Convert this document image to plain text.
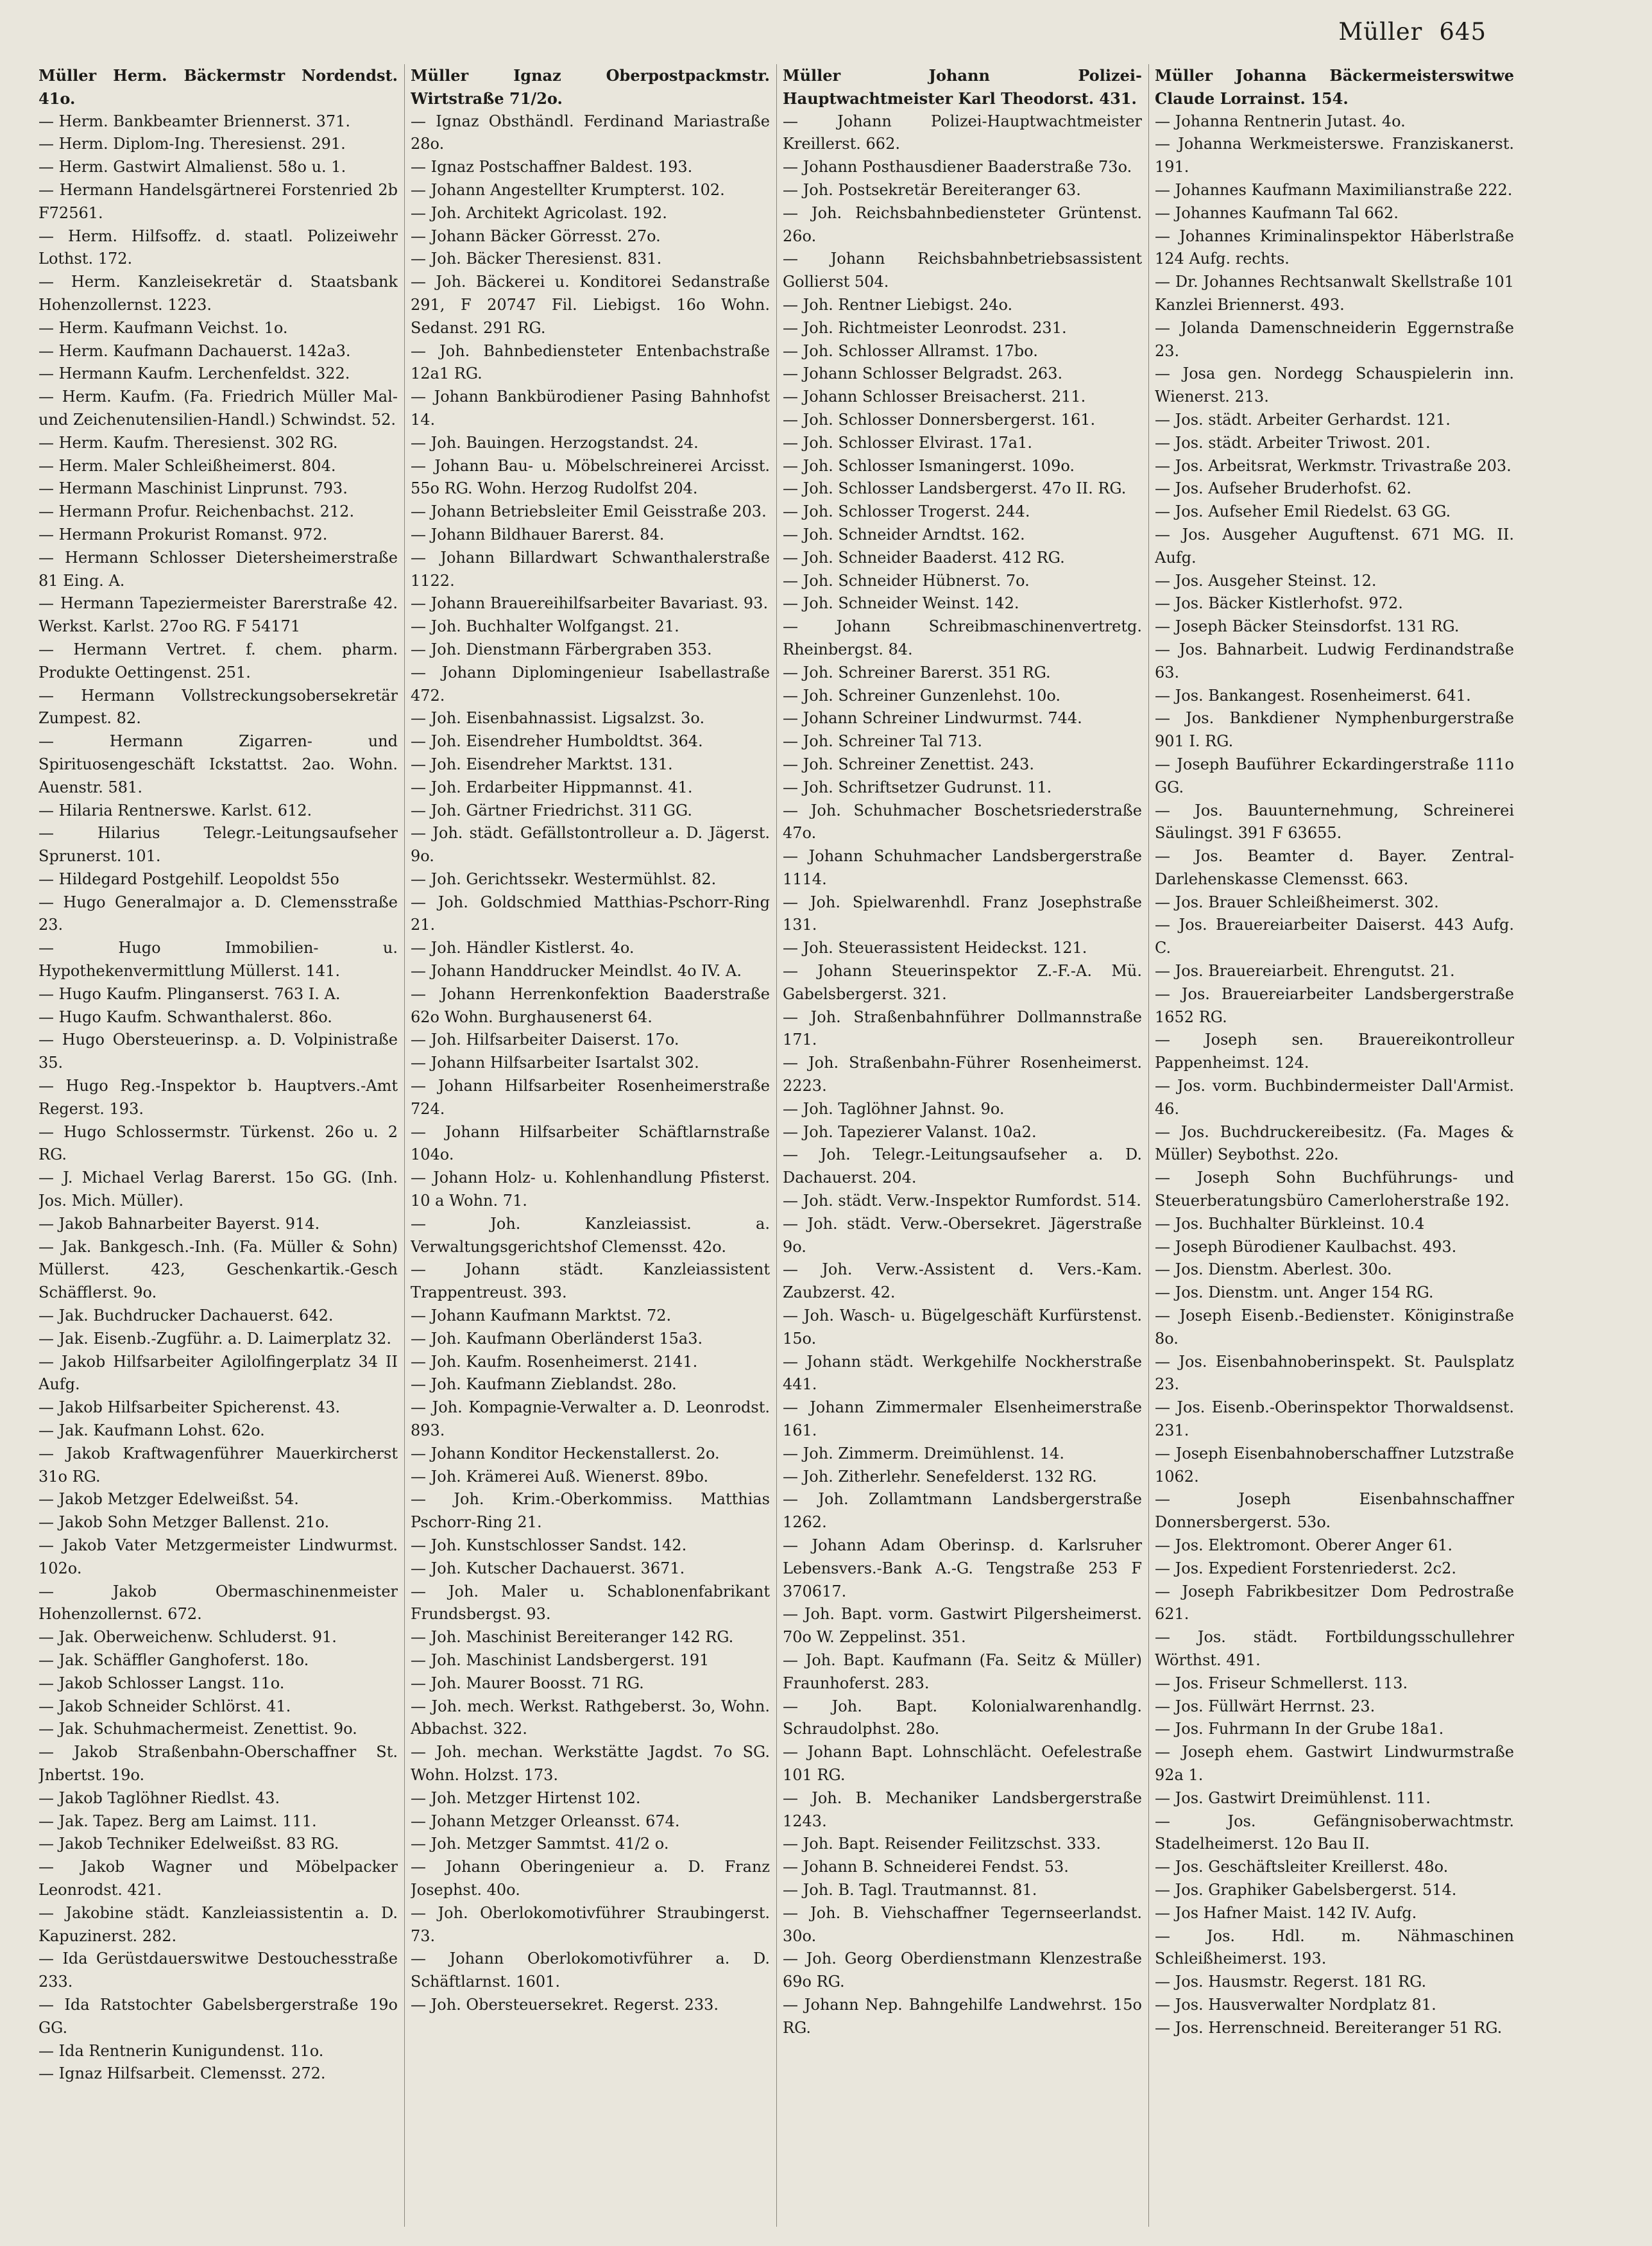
Müller 645

Müller Herm. Bäckermstr Nordendst. 41o.

— Herm. Bankbeamter Briennerst. 371.

— Herm. Diplom-Ing. Theresienst. 291.

— Herm. Gastwirt Almalienst. 58o u. 1.

— Hermann Handelsgärtnerei Forstenried 2b F72561.

— Herm. Hilfsoffz. d. staatl. Polizeiwehr Lothst. 172.

— Herm. Kanzleisekretär d. Staatsbank Hohenzollernst. 1223.

— Herm. Kaufmann Veichst. 1o.

— Herm. Kaufmann Dachauerst. 142a3.

— Hermann Kaufm. Lerchenfeldst. 322.

— Herm. Kaufm. (Fa. Friedrich Müller Mal- und Zeichenutensilien-Handl.) Schwindst. 52.

— Herm. Kaufm. Theresienst. 302 RG.

— Herm. Maler Schleißheimerst. 804.

— Hermann Maschinist Linprunst. 793.

— Hermann Profur. Reichenbachst. 212.

— Hermann Prokurist Romanst. 972.

— Hermann Schlosser Dietersheimerstraße 81 Eing. A.

— Hermann Tapeziermeister Barerstraße 42. Werkst. Karlst. 27oo RG. F 54171

— Hermann Vertret. f. chem. pharm. Produkte Oettingenst. 251.

— Hermann Vollstreckungsobersekretär Zumpest. 82.

— Hermann Zigarren- und Spirituosengeschäft Ickstattst. 2ao. Wohn. Auenstr. 581.

— Hilaria Rentnerswe. Karlst. 612.

— Hilarius Telegr.-Leitungsaufseher Sprunerst. 101.

— Hildegard Postgehilf. Leopoldst 55o

— Hugo Generalmajor a. D. Clemensstraße 23.

— Hugo Immobilien- u. Hypothekenvermittlung Müllerst. 141.

— Hugo Kaufm. Plinganserst. 763 I. A.

— Hugo Kaufm. Schwanthalerst. 86o.

— Hugo Obersteuerinsp. a. D. Volpinistraße 35.

— Hugo Reg.-Inspektor b. Hauptvers.-Amt Regerst. 193.

— Hugo Schlossermstr. Türkenst. 26o u. 2 RG.

— J. Michael Verlag Barerst. 15o GG. (Inh. Jos. Mich. Müller).

— Jakob Bahnarbeiter Bayerst. 914.

— Jak. Bankgesch.-Inh. (Fa. Müller & Sohn) Müllerst. 423, Geschenkartik.-Gesch Schäfflerst. 9o.

— Jak. Buchdrucker Dachauerst. 642.

— Jak. Eisenb.-Zugführ. a. D. Laimerplatz 32.

— Jakob Hilfsarbeiter Agilolfingerplatz 34 II Aufg.

— Jakob Hilfsarbeiter Spicherenst. 43.

— Jak. Kaufmann Lohst. 62o.

— Jakob Kraftwagenführer Mauerkircherst 31o RG.

— Jakob Metzger Edelweißst. 54.

— Jakob Sohn Metzger Ballenst. 21o.

— Jakob Vater Metzgermeister Lindwurmst. 102o.

— Jakob Obermaschinenmeister Hohenzollernst. 672.

— Jak. Oberweichenw. Schluderst. 91.

— Jak. Schäffler Ganghoferst. 18o.

— Jakob Schlosser Langst. 11o.

— Jakob Schneider Schlörst. 41.

— Jak. Schuhmachermeist. Zenettist. 9o.

— Jakob Straßenbahn-Oberschaffner St. Jnbertst. 19o.

— Jakob Taglöhner Riedlst. 43.

— Jak. Tapez. Berg am Laimst. 111.

— Jakob Techniker Edelweißst. 83 RG.

— Jakob Wagner und Möbelpacker Leonrodst. 421.

— Jakobine städt. Kanzleiassistentin a. D. Kapuzinerst. 282.

— Ida Gerüstdauerswitwe Destouchesstraße 233.

— Ida Ratstochter Gabelsbergerstraße 19o GG.

— Ida Rentnerin Kunigundenst. 11o.

— Ignaz Hilfsarbeit. Clemensst. 272.

Müller Ignaz Oberpostpackmstr. Wirtstraße 71/2o.

— Ignaz Obsthändl. Ferdinand Mariastraße 28o.

— Ignaz Postschaffner Baldest. 193.

— Johann Angestellter Krumpterst. 102.

— Joh. Architekt Agricolast. 192.

— Johann Bäcker Görresst. 27o.

— Joh. Bäcker Theresienst. 831.

— Joh. Bäckerei u. Konditorei Sedanstraße 291, F 20747 Fil. Liebigst. 16o Wohn. Sedanst. 291 RG.

— Joh. Bahnbediensteter Entenbachstraße 12a1 RG.

— Johann Bankbürodiener Pasing Bahnhofst 14.

— Joh. Bauingen. Herzogstandst. 24.

— Johann Bau- u. Möbelschreinerei Arcisst. 55o RG. Wohn. Herzog Rudolfst 204.

— Johann Betriebsleiter Emil Geisstraße 203.

— Johann Bildhauer Barerst. 84.

— Johann Billardwart Schwanthalerstraße 1122.

— Johann Brauereihilfsarbeiter Bavariast. 93.

— Joh. Buchhalter Wolfgangst. 21.

— Joh. Dienstmann Färbergraben 353.

— Johann Diplomingenieur Isabellastraße 472.

— Joh. Eisenbahnassist. Ligsalzst. 3o.

— Joh. Eisendreher Humboldtst. 364.

— Joh. Eisendreher Marktst. 131.

— Joh. Erdarbeiter Hippmannst. 41.

— Joh. Gärtner Friedrichst. 311 GG.

— Joh. städt. Gefällstontrolleur a. D. Jägerst. 9o.

— Joh. Gerichtssekr. Westermühlst. 82.

— Joh. Goldschmied Matthias-Pschorr-Ring 21.

— Joh. Händler Kistlerst. 4o.

— Johann Handdrucker Meindlst. 4o IV. A.

— Johann Herrenkonfektion Baaderstraße 62o Wohn. Burghausenerst 64.

— Joh. Hilfsarbeiter Daiserst. 17o.

— Johann Hilfsarbeiter Isartalst 302.

— Johann Hilfsarbeiter Rosenheimerstraße 724.

— Johann Hilfsarbeiter Schäftlarnstraße 104o.

— Johann Holz- u. Kohlenhandlung Pfisterst. 10 a Wohn. 71.

— Joh. Kanzleiassist. a. Verwaltungsgerichtshof Clemensst. 42o.

— Johann städt. Kanzleiassistent Trappentreust. 393.

— Johann Kaufmann Marktst. 72.

— Joh. Kaufmann Oberländerst 15a3.

— Joh. Kaufm. Rosenheimerst. 2141.

— Joh. Kaufmann Zieblandst. 28o.

— Joh. Kompagnie-Verwalter a. D. Leonrodst. 893.

— Johann Konditor Heckenstallerst. 2o.

— Joh. Krämerei Auß. Wienerst. 89bo.

— Joh. Krim.-Oberkommiss. Matthias Pschorr-Ring 21.

— Joh. Kunstschlosser Sandst. 142.

— Joh. Kutscher Dachauerst. 3671.

— Joh. Maler u. Schablonenfabrikant Frundsbergst. 93.

— Joh. Maschinist Bereiteranger 142 RG.

— Joh. Maschinist Landsbergerst. 191

— Joh. Maurer Boosst. 71 RG.

— Joh. mech. Werkst. Rathgeberst. 3o, Wohn. Abbachst. 322.

— Joh. mechan. Werkstätte Jagdst. 7o SG. Wohn. Holzst. 173.

— Joh. Metzger Hirtenst 102.

— Johann Metzger Orleansst. 674.

— Joh. Metzger Sammtst. 41/2 o.

— Johann Oberingenieur a. D. Franz Josephst. 40o.

— Joh. Oberlokomotivführer Straubingerst. 73.

— Johann Oberlokomotivführer a. D. Schäftlarnst. 1601.

— Joh. Obersteuersekret. Regerst. 233.

Müller Johann Polizei-Hauptwachtmeister Karl Theodorst. 431.

— Johann Polizei-Hauptwachtmeister Kreillerst. 662.

— Johann Posthausdiener Baaderstraße 73o.

— Joh. Postsekretär Bereiteranger 63.

— Joh. Reichsbahnbediensteter Grüntenst. 26o.

— Johann Reichsbahnbetriebsassistent Gollierst 504.

— Joh. Rentner Liebigst. 24o.

— Joh. Richtmeister Leonrodst. 231.

— Joh. Schlosser Allramst. 17bo.

— Johann Schlosser Belgradst. 263.

— Johann Schlosser Breisacherst. 211.

— Joh. Schlosser Donnersbergerst. 161.

— Joh. Schlosser Elvirast. 17a1.

— Joh. Schlosser Ismaningerst. 109o.

— Joh. Schlosser Landsbergerst. 47o II. RG.

— Joh. Schlosser Trogerst. 244.

— Joh. Schneider Arndtst. 162.

— Joh. Schneider Baaderst. 412 RG.

— Joh. Schneider Hübnerst. 7o.

— Joh. Schneider Weinst. 142.

— Johann Schreibmaschinenvertretg. Rheinbergst. 84.

— Joh. Schreiner Barerst. 351 RG.

— Joh. Schreiner Gunzenlehst. 10o.

— Johann Schreiner Lindwurmst. 744.

— Joh. Schreiner Tal 713.

— Joh. Schreiner Zenettist. 243.

— Joh. Schriftsetzer Gudrunst. 11.

— Joh. Schuhmacher Boschetsriederstraße 47o.

— Johann Schuhmacher Landsbergerstraße 1114.

— Joh. Spielwarenhdl. Franz Josephstraße 131.

— Joh. Steuerassistent Heideckst. 121.

— Johann Steuerinspektor Z.-F.-A. Mü. Gabelsbergerst. 321.

— Joh. Straßenbahnführer Dollmannstraße 171.

— Joh. Straßenbahn-Führer Rosenheimerst. 2223.

— Joh. Taglöhner Jahnst. 9o.

— Joh. Tapezierer Valanst. 10a2.

— Joh. Telegr.-Leitungsaufseher a. D. Dachauerst. 204.

— Joh. städt. Verw.-Inspektor Rumfordst. 514.

— Joh. städt. Verw.-Obersekret. Jägerstraße 9o.

— Joh. Verw.-Assistent d. Vers.-Kam. Zaubzerst. 42.

— Joh. Wasch- u. Bügelgeschäft Kurfürstenst. 15o.

— Johann städt. Werkgehilfe Nockherstraße 441.

— Johann Zimmermaler Elsenheimerstraße 161.

— Joh. Zimmerm. Dreimühlenst. 14.

— Joh. Zitherlehr. Senefelderst. 132 RG.

— Joh. Zollamtmann Landsbergerstraße 1262.

— Johann Adam Oberinsp. d. Karlsruher Lebensvers.-Bank A.-G. Tengstraße 253 F 370617.

— Joh. Bapt. vorm. Gastwirt Pilgersheimerst. 70o W. Zeppelinst. 351.

— Joh. Bapt. Kaufmann (Fa. Seitz & Müller) Fraunhoferst. 283.

— Joh. Bapt. Kolonialwarenhandlg. Schraudolphst. 28o.

— Johann Bapt. Lohnschlächt. Oefelestraße 101 RG.

— Joh. B. Mechaniker Landsbergerstraße 1243.

— Joh. Bapt. Reisender Feilitzschst. 333.

— Johann B. Schneiderei Fendst. 53.

— Joh. B. Tagl. Trautmannst. 81.

— Joh. B. Viehschaffner Tegernseerlandst. 30o.

— Joh. Georg Oberdienstmann Klenzestraße 69o RG.

— Johann Nep. Bahngehilfe Landwehrst. 15o RG.

Müller Johanna Bäckermeisterswitwe Claude Lorrainst. 154.

— Johanna Rentnerin Jutast. 4o.

— Johanna Werkmeisterswe. Franziskanerst. 191.

— Johannes Kaufmann Maximilianstraße 222.

— Johannes Kaufmann Tal 662.

— Johannes Kriminalinspektor Häberlstraße 124 Aufg. rechts.

— Dr. Johannes Rechtsanwalt Skellstraße 101 Kanzlei Briennerst. 493.

— Jolanda Damenschneiderin Eggernstraße 23.

— Josa gen. Nordegg Schauspielerin inn. Wienerst. 213.

— Jos. städt. Arbeiter Gerhardst. 121.

— Jos. städt. Arbeiter Triwost. 201.

— Jos. Arbeitsrat, Werkmstr. Trivastraße 203.

— Jos. Aufseher Bruderhofst. 62.

— Jos. Aufseher Emil Riedelst. 63 GG.

— Jos. Ausgeher Auguftenst. 671 MG. II. Aufg.

— Jos. Ausgeher Steinst. 12.

— Jos. Bäcker Kistlerhofst. 972.

— Joseph Bäcker Steinsdorfst. 131 RG.

— Jos. Bahnarbeit. Ludwig Ferdinandstraße 63.

— Jos. Bankangest. Rosenheimerst. 641.

— Jos. Bankdiener Nymphenburgerstraße 901 I. RG.

— Joseph Bauführer Eckardingerstraße 111o GG.

— Jos. Bauunternehmung, Schreinerei Säulingst. 391 F 63655.

— Jos. Beamter d. Bayer. Zentral-Darlehenskasse Clemensst. 663.

— Jos. Brauer Schleißheimerst. 302.

— Jos. Brauereiarbeiter Daiserst. 443 Aufg. C.

— Jos. Brauereiarbeit. Ehrengutst. 21.

— Jos. Brauereiarbeiter Landsbergerstraße 1652 RG.

— Joseph sen. Brauereikontrolleur Pappenheimst. 124.

— Jos. vorm. Buchbindermeister Dall'Armist. 46.

— Jos. Buchdruckereibesitz. (Fa. Mages & Müller) Seybothst. 22o.

— Joseph Sohn Buchführungs- und Steuerberatungsbüro Camerloherstraße 192.

— Jos. Buchhalter Bürkleinst. 10.4

— Joseph Bürodiener Kaulbachst. 493.

— Jos. Dienstm. Aberlest. 30o.

— Jos. Dienstm. unt. Anger 154 RG.

— Joseph Eisenb.-Bediensteт. Königinstraße 8o.

— Jos. Eisenbahnoberinspekt. St. Paulsplatz 23.

— Jos. Eisenb.-Oberinspektor Thorwaldsenst. 231.

— Joseph Eisenbahnoberschaffner Lutzstraße 1062.

— Joseph Eisenbahnschaffner Donnersbergerst. 53o.

— Jos. Elektromont. Oberer Anger 61.

— Jos. Expedient Forstenriederst. 2c2.

— Joseph Fabrikbesitzer Dom Pedrostraße 621.

— Jos. städt. Fortbildungsschullehrer Wörthst. 491.

— Jos. Friseur Schmellerst. 113.

— Jos. Füllwärt Herrnst. 23.

— Jos. Fuhrmann In der Grube 18a1.

— Joseph ehem. Gastwirt Lindwurmstraße 92a 1.

— Jos. Gastwirt Dreimühlenst. 111.

— Jos. Gefängnisoberwachtmstr. Stadelheimerst. 12o Bau II.

— Jos. Geschäftsleiter Kreillerst. 48o.

— Jos. Graphiker Gabelsbergerst. 514.

— Jos Hafner Maist. 142 IV. Aufg.

— Jos. Hdl. m. Nähmaschinen Schleißheimerst. 193.

— Jos. Hausmstr. Regerst. 181 RG.

— Jos. Hausverwalter Nordplatz 81.

— Jos. Herrenschneid. Bereiteranger 51 RG.
